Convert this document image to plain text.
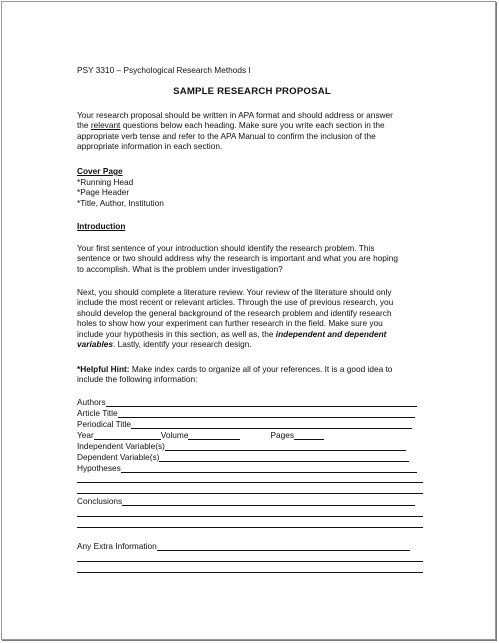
PSY 3310 – Psychological Research Methods I
SAMPLE RESEARCH PROPOSAL
Your research proposal should be written in APA format and should address or answer
the relevant questions below each heading. Make sure you write each section in the
appropriate verb tense and refer to the APA Manual to confirm the inclusion of the
appropriate information in each section.
Cover Page
*Running Head
*Page Header
*Title, Author, Institution
Introduction
Your first sentence of your introduction should identify the research problem. This
sentence or two should address why the research is important and what you are hoping
to accomplish. What is the problem under investigation?
Next, you should complete a literature review. Your review of the literature should only
include the most recent or relevant articles. Through the use of previous research, you
should develop the general background of the research problem and identify research
holes to show how your experiment can further research in the field. Make sure you
include your hypothesis in this section, as well as, the independent and dependent
variables. Lastly, identify your research design.
*Helpful Hint: Make index cards to organize all of your references. It is a good idea to
include the following information:
Authors
Article Title
Periodical Title
Year	Volume	Pages
Independent Variable(s)
Dependent Variable(s)
Hypotheses
Conclusions
Any Extra Information
